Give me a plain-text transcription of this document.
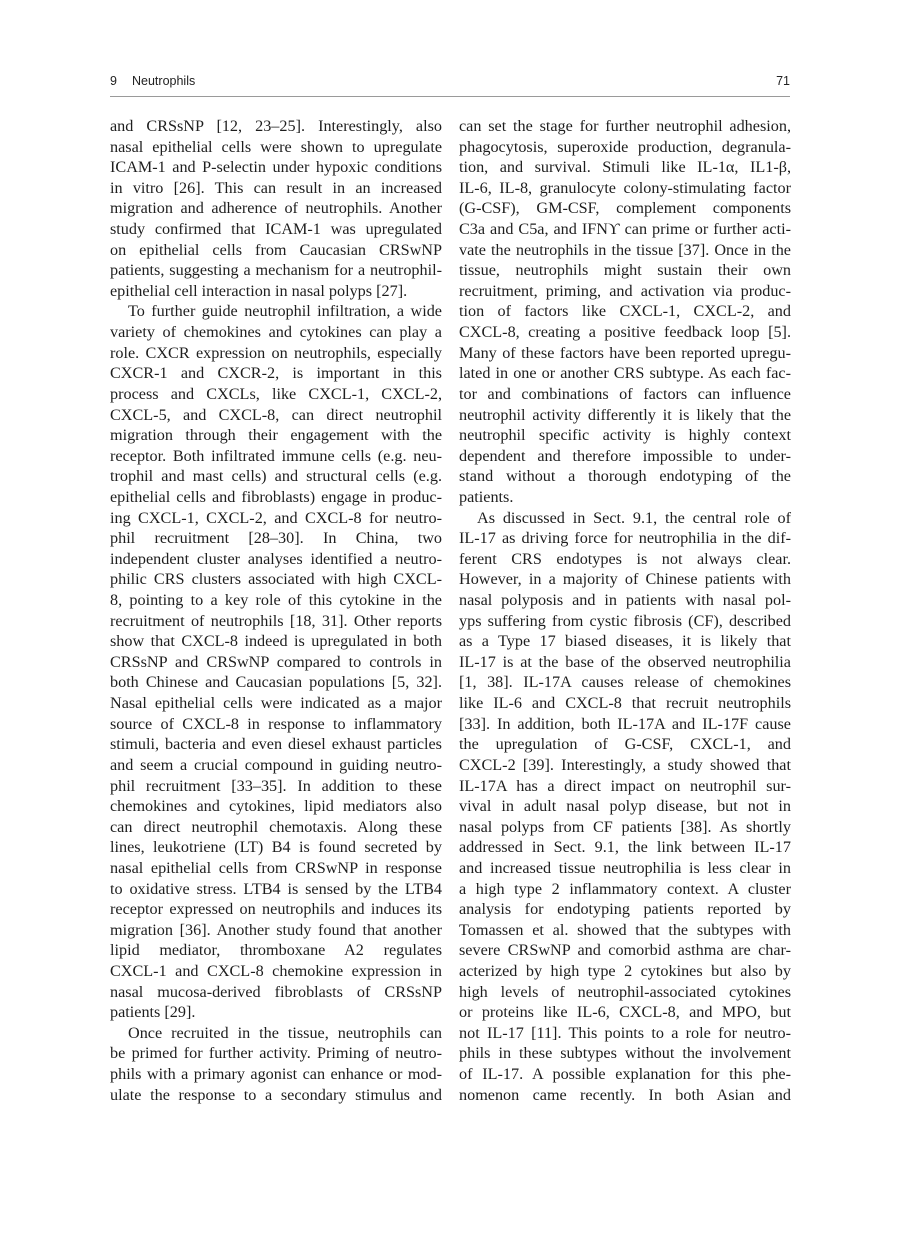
9 Neutrophils	71
and CRSsNP [12, 23–25]. Interestingly, also
nasal epithelial cells were shown to upregulate
ICAM-1 and P-selectin under hypoxic conditions
in vitro [26]. This can result in an increased
migration and adherence of neutrophils. Another
study confirmed that ICAM-1 was upregulated
on epithelial cells from Caucasian CRSwNP
patients, suggesting a mechanism for a neutrophil-
epithelial cell interaction in nasal polyps [27].
To further guide neutrophil infiltration, a wide
variety of chemokines and cytokines can play a
role. CXCR expression on neutrophils, especially
CXCR-1 and CXCR-2, is important in this
process and CXCLs, like CXCL-1, CXCL-2,
CXCL-5, and CXCL-8, can direct neutrophil
migration through their engagement with the
receptor. Both infiltrated immune cells (e.g. neu-
trophil and mast cells) and structural cells (e.g.
epithelial cells and fibroblasts) engage in produc-
ing CXCL-1, CXCL-2, and CXCL-8 for neutro-
phil recruitment [28–30]. In China, two
independent cluster analyses identified a neutro-
philic CRS clusters associated with high CXCL-
8, pointing to a key role of this cytokine in the
recruitment of neutrophils [18, 31]. Other reports
show that CXCL-8 indeed is upregulated in both
CRSsNP and CRSwNP compared to controls in
both Chinese and Caucasian populations [5, 32].
Nasal epithelial cells were indicated as a major
source of CXCL-8 in response to inflammatory
stimuli, bacteria and even diesel exhaust particles
and seem a crucial compound in guiding neutro-
phil recruitment [33–35]. In addition to these
chemokines and cytokines, lipid mediators also
can direct neutrophil chemotaxis. Along these
lines, leukotriene (LT) B4 is found secreted by
nasal epithelial cells from CRSwNP in response
to oxidative stress. LTB4 is sensed by the LTB4
receptor expressed on neutrophils and induces its
migration [36]. Another study found that another
lipid mediator, thromboxane A2 regulates
CXCL-1 and CXCL-8 chemokine expression in
nasal mucosa-derived fibroblasts of CRSsNP
patients [29].
Once recruited in the tissue, neutrophils can
be primed for further activity. Priming of neutro-
phils with a primary agonist can enhance or mod-
ulate the response to a secondary stimulus and
can set the stage for further neutrophil adhesion,
phagocytosis, superoxide production, degranula-
tion, and survival. Stimuli like IL-1α, IL1-β,
IL-6, IL-8, granulocyte colony-stimulating factor
(G-CSF), GM-CSF, complement components
C3a and C5a, and IFNϒ can prime or further acti-
vate the neutrophils in the tissue [37]. Once in the
tissue, neutrophils might sustain their own
recruitment, priming, and activation via produc-
tion of factors like CXCL-1, CXCL-2, and
CXCL-8, creating a positive feedback loop [5].
Many of these factors have been reported upregu-
lated in one or another CRS subtype. As each fac-
tor and combinations of factors can influence
neutrophil activity differently it is likely that the
neutrophil specific activity is highly context
dependent and therefore impossible to under-
stand without a thorough endotyping of the
patients.
As discussed in Sect. 9.1, the central role of
IL-17 as driving force for neutrophilia in the dif-
ferent CRS endotypes is not always clear.
However, in a majority of Chinese patients with
nasal polyposis and in patients with nasal pol-
yps suffering from cystic fibrosis (CF), described
as a Type 17 biased diseases, it is likely that
IL-17 is at the base of the observed neutrophilia
[1, 38]. IL-17A causes release of chemokines
like IL-6 and CXCL-8 that recruit neutrophils
[33]. In addition, both IL-17A and IL-17F cause
the upregulation of G-CSF, CXCL-1, and
CXCL-2 [39]. Interestingly, a study showed that
IL-17A has a direct impact on neutrophil sur-
vival in adult nasal polyp disease, but not in
nasal polyps from CF patients [38]. As shortly
addressed in Sect. 9.1, the link between IL-17
and increased tissue neutrophilia is less clear in
a high type 2 inflammatory context. A cluster
analysis for endotyping patients reported by
Tomassen et al. showed that the subtypes with
severe CRSwNP and comorbid asthma are char-
acterized by high type 2 cytokines but also by
high levels of neutrophil-associated cytokines
or proteins like IL-6, CXCL-8, and MPO, but
not IL-17 [11]. This points to a role for neutro-
phils in these subtypes without the involvement
of IL-17. A possible explanation for this phe-
nomenon came recently. In both Asian and
